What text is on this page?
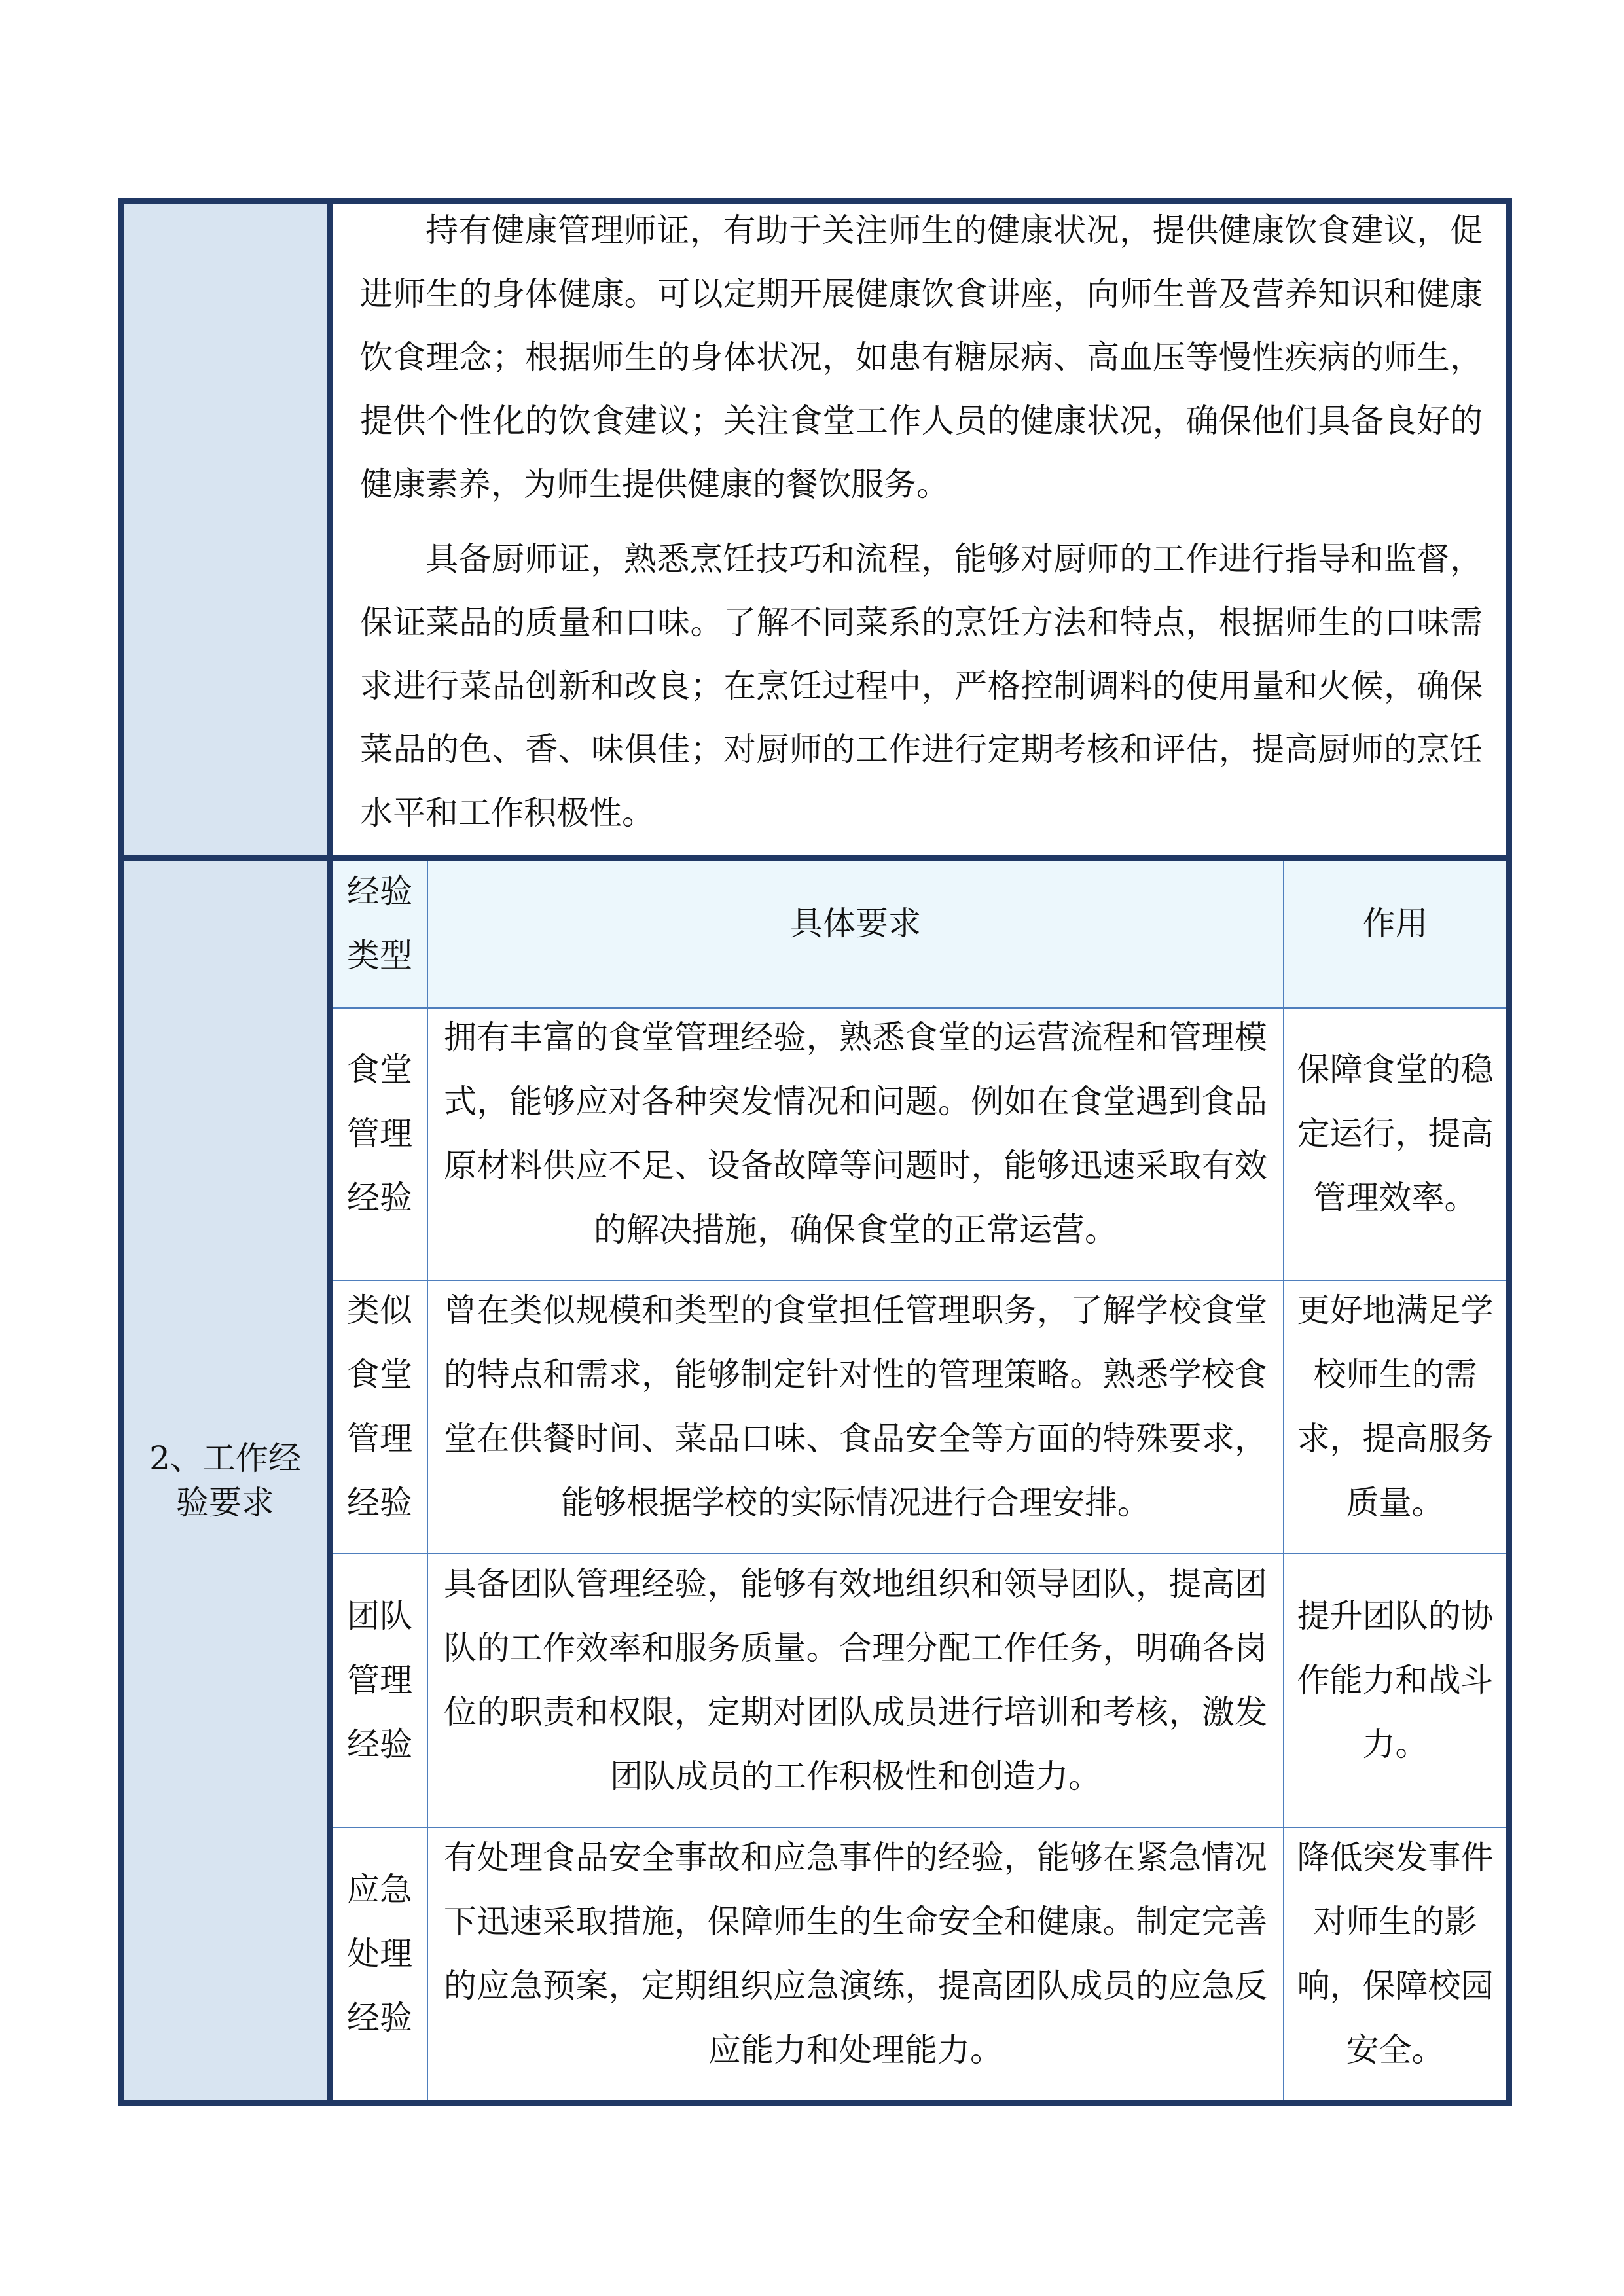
持有健康管理师证，有助于关注师生的健康状况，提供健康饮食建议，促进师生的身体健康。可以定期开展健康饮食讲座，向师生普及营养知识和健康饮食理念；根据师生的身体状况，如患有糖尿病、高血压等慢性疾病的师生，提供个性化的饮食建议；关注食堂工作人员的健康状况，确保他们具备良好的健康素养，为师生提供健康的餐饮服务。

具备厨师证，熟悉烹饪技巧和流程，能够对厨师的工作进行指导和监督，保证菜品的质量和口味。了解不同菜系的烹饪方法和特点，根据师生的口味需求进行菜品创新和改良；在烹饪过程中，严格控制调料的使用量和火候，确保菜品的色、香、味俱佳；对厨师的工作进行定期考核和评估，提高厨师的烹饪水平和工作积极性。

2、工作经验要求
经验类型
具体要求	作用
食堂管理经验
拥有丰富的食堂管理经验，熟悉食堂的运营流程和管理模式，能够应对各种突发情况和问题。例如在食堂遇到食品原材料供应不足、设备故障等问题时，能够迅速采取有效的解决措施，确保食堂的正常运营。
保障食堂的稳定运行，提高管理效率。
类似食堂管理经验
曾在类似规模和类型的食堂担任管理职务，了解学校食堂的特点和需求，能够制定针对性的管理策略。熟悉学校食堂在供餐时间、菜品口味、食品安全等方面的特殊要求，能够根据学校的实际情况进行合理安排。
更好地满足学校师生的需求，提高服务质量。
团队管理经验
具备团队管理经验，能够有效地组织和领导团队，提高团队的工作效率和服务质量。合理分配工作任务，明确各岗位的职责和权限，定期对团队成员进行培训和考核，激发团队成员的工作积极性和创造力。
提升团队的协作能力和战斗力。
应急处理经验
有处理食品安全事故和应急事件的经验，能够在紧急情况下迅速采取措施，保障师生的生命安全和健康。制定完善的应急预案，定期组织应急演练，提高团队成员的应急反应能力和处理能力。
降低突发事件对师生的影响，保障校园安全。
